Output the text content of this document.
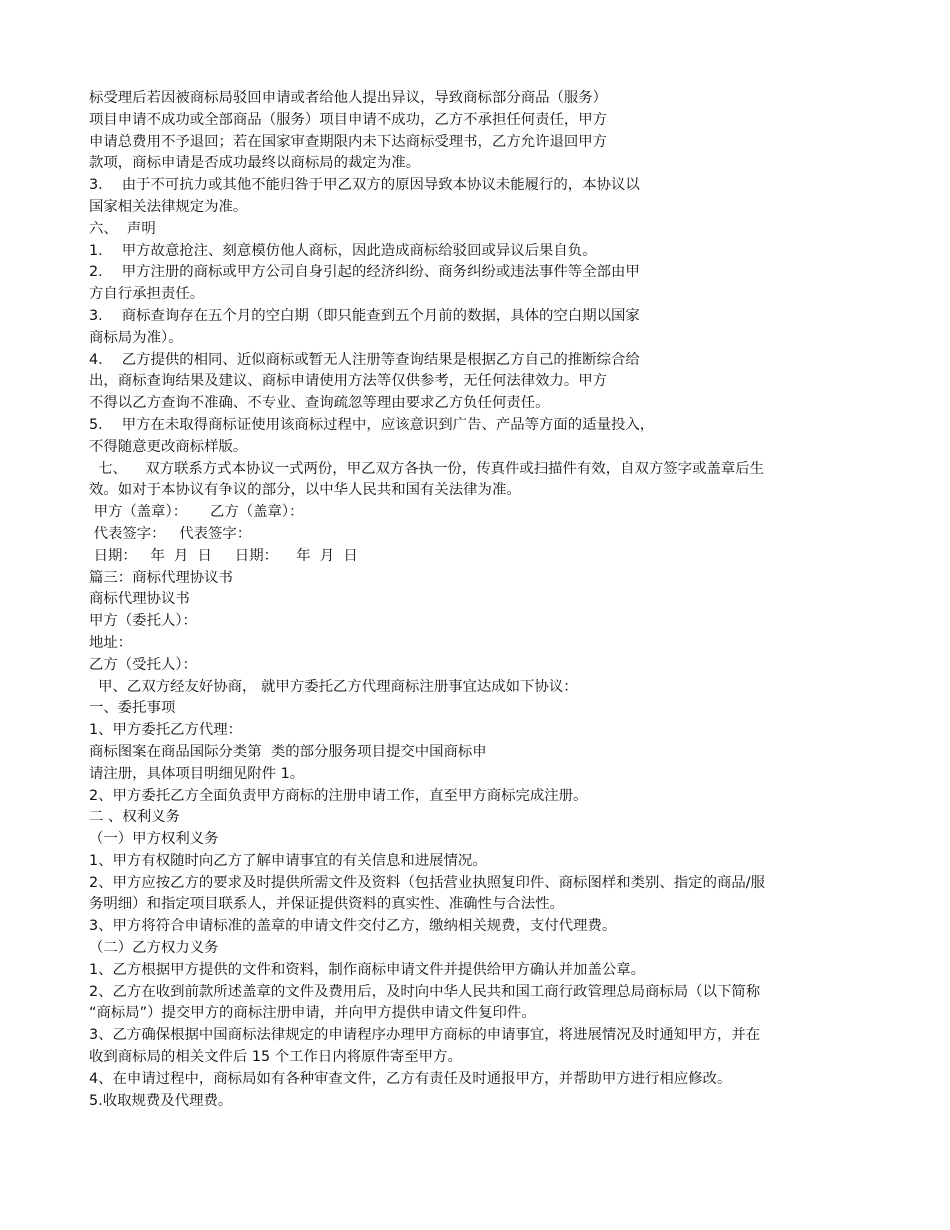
标受理后若因被商标局驳回申请或者给他人提出异议，导致商标部分商品（服务）
项目申请不成功或全部商品（服务）项目申请不成功，乙方不承担任何责任，甲方
申请总费用不予退回；若在国家审查期限内未下达商标受理书，乙方允许退回甲方
款项，商标申请是否成功最终以商标局的裁定为准。
3．  由于不可抗力或其他不能归咎于甲乙双方的原因导致本协议未能履行的，本协议以
国家相关法律规定为准。
六、  声明
1．  甲方故意抢注、刻意模仿他人商标，因此造成商标给驳回或异议后果自负。
2．  甲方注册的商标或甲方公司自身引起的经济纠纷、商务纠纷或违法事件等全部由甲
方自行承担责任。
3．  商标查询存在五个月的空白期（即只能查到五个月前的数据，具体的空白期以国家
商标局为准）。
4．  乙方提供的相同、近似商标或暂无人注册等查询结果是根据乙方自己的推断综合给
出，商标查询结果及建议、商标申请使用方法等仅供参考，无任何法律效力。甲方
不得以乙方查询不准确、不专业、查询疏忽等理由要求乙方负任何责任。
5．  甲方在未取得商标证使用该商标过程中，应该意识到广告、产品等方面的适量投入，
不得随意更改商标样版。
七、    双方联系方式本协议一式两份，甲乙双方各执一份，传真件或扫描件有效，自双方签字或盖章后生
效。如对于本协议有争议的部分，以中华人民共和国有关法律为准。
甲方（盖章）：     乙方（盖章）：
代表签字：   代表签字：
日期：   年  月  日     日期：    年  月  日
篇三：商标代理协议书
商标代理协议书
甲方（委托人）：
地址：
乙方（受托人）：
甲、乙双方经友好协商， 就甲方委托乙方代理商标注册事宜达成如下协议：
一、委托事项
1、甲方委托乙方代理：
商标图案在商品国际分类第  类的部分服务项目提交中国商标申
请注册，具体项目明细见附件 1。
2、甲方委托乙方全面负责甲方商标的注册申请工作，直至甲方商标完成注册。
二 、权利义务
（一）甲方权利义务
1、甲方有权随时向乙方了解申请事宜的有关信息和进展情况。
2、甲方应按乙方的要求及时提供所需文件及资料（包括营业执照复印件、商标图样和类别、指定的商品/服
务明细）和指定项目联系人，并保证提供资料的真实性、准确性与合法性。
3、甲方将符合申请标准的盖章的申请文件交付乙方，缴纳相关规费，支付代理费。
（二）乙方权力义务
1、乙方根据甲方提供的文件和资料，制作商标申请文件并提供给甲方确认并加盖公章。
2、乙方在收到前款所述盖章的文件及费用后，及时向中华人民共和国工商行政管理总局商标局（以下简称
“商标局”）提交甲方的商标注册申请，并向甲方提供申请文件复印件。
3、乙方确保根据中国商标法律规定的申请程序办理甲方商标的申请事宜，将进展情况及时通知甲方，并在
收到商标局的相关文件后 15 个工作日内将原件寄至甲方。
4、在申请过程中，商标局如有各种审查文件，乙方有责任及时通报甲方，并帮助甲方进行相应修改。
5.收取规费及代理费。
